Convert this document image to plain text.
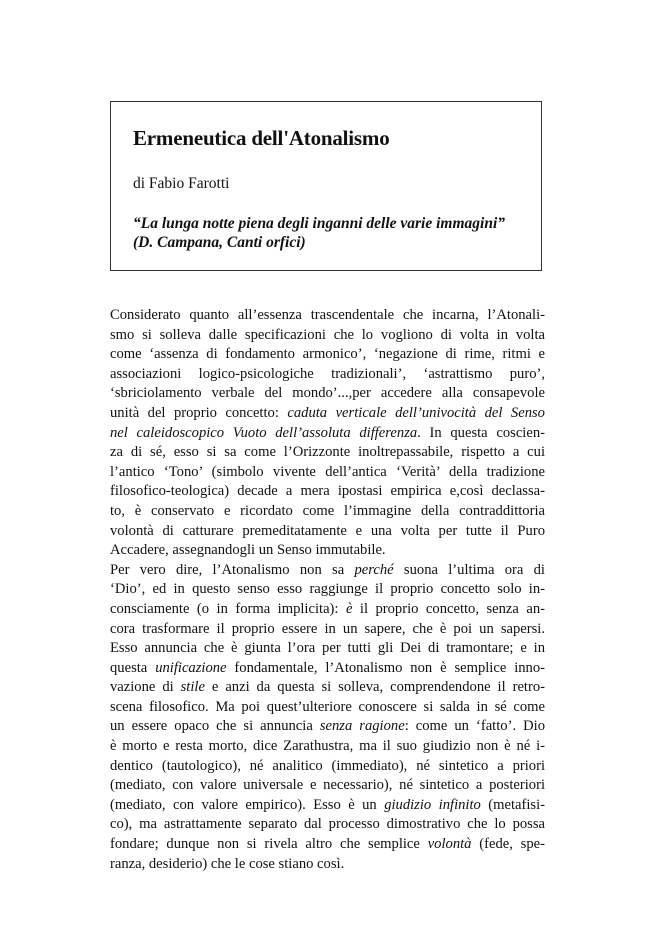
Ermeneutica dell'Atonalismo

di Fabio Farotti

“La lunga notte piena degli inganni delle varie immagini”
(D. Campana, Canti orfici)

Considerato quanto all’essenza trascendentale che incarna, l’Atonali-
smo si solleva dalle specificazioni che lo vogliono di volta in volta
come ‘assenza di fondamento armonico’, ‘negazione di rime, ritmi e
associazioni logico-psicologiche tradizionali’, ‘astrattismo puro’,
‘sbriciolamento verbale del mondo’...,per accedere alla consapevole
unità del proprio concetto: caduta verticale dell’univocità del Senso
nel caleidoscopico Vuoto dell’assoluta differenza. In questa coscien-
za di sé, esso si sa come l’Orizzonte inoltrepassabile, rispetto a cui
l’antico ‘Tono’ (simbolo vivente dell’antica ‘Verità’ della tradizione
filosofico-teologica) decade a mera ipostasi empirica e,così declassa-
to, è conservato e ricordato come l’immagine della contraddittoria
volontà di catturare premeditatamente e una volta per tutte il Puro
Accadere, assegnandogli un Senso immutabile.
Per vero dire, l’Atonalismo non sa perché suona l’ultima ora di
‘Dio’, ed in questo senso esso raggiunge il proprio concetto solo in-
consciamente (o in forma implicita): è il proprio concetto, senza an-
cora trasformare il proprio essere in un sapere, che è poi un sapersi.
Esso annuncia che è giunta l’ora per tutti gli Dei di tramontare; e in
questa unificazione fondamentale, l’Atonalismo non è semplice inno-
vazione di stile e anzi da questa si solleva, comprendendone il retro-
scena filosofico. Ma poi quest’ulteriore conoscere si salda in sé come
un essere opaco che si annuncia senza ragione: come un ‘fatto’. Dio
è morto e resta morto, dice Zarathustra, ma il suo giudizio non è né i-
dentico (tautologico), né analitico (immediato), né sintetico a priori
(mediato, con valore universale e necessario), né sintetico a posteriori
(mediato, con valore empirico). Esso è un giudizio infinito (metafisi-
co), ma astrattamente separato dal processo dimostrativo che lo possa
fondare; dunque non si rivela altro che semplice volontà (fede, spe-
ranza, desiderio) che le cose stiano così.
